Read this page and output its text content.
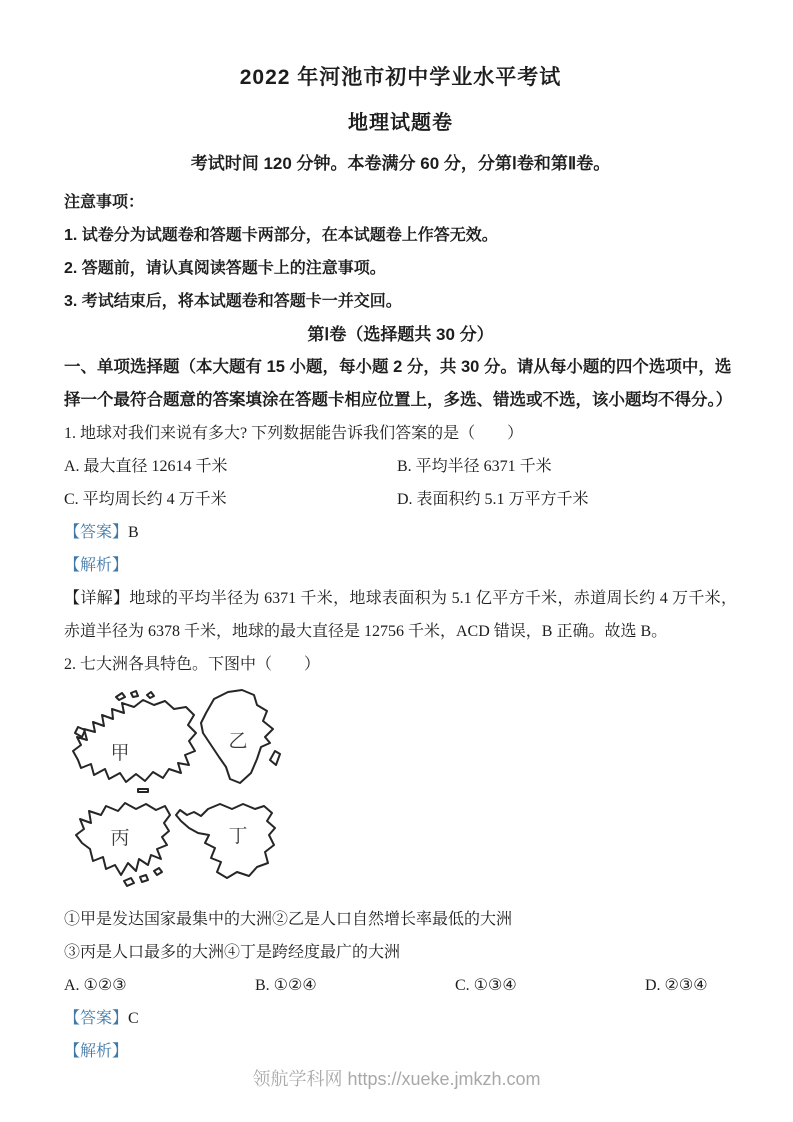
2022 年河池市初中学业水平考试
地理试题卷
考试时间 120 分钟。本卷满分 60 分，分第Ⅰ卷和第Ⅱ卷。
注意事项：
1. 试卷分为试题卷和答题卡两部分，在本试题卷上作答无效。
2. 答题前，请认真阅读答题卡上的注意事项。
3. 考试结束后，将本试题卷和答题卡一并交回。
第Ⅰ卷（选择题共 30 分）
一、单项选择题（本大题有 15 小题，每小题 2 分，共 30 分。请从每小题的四个选项中，选
择一个最符合题意的答案填涂在答题卡相应位置上，多选、错选或不选，该小题均不得分。）
1. 地球对我们来说有多大? 下列数据能告诉我们答案的是（　　）
A. 最大直径 12614 千米	B. 平均半径 6371 千米
C. 平均周长约 4 万千米	D. 表面积约 5.1 万平方千米
【答案】B
【解析】
【详解】地球的平均半径为 6371 千米，地球表面积为 5.1 亿平方千米，赤道周长约 4 万千米，赤道半径为 6378 千米，地球的最大直径是 12756 千米，ACD 错误，B 正确。故选 B。
2. 七大洲各具特色。下图中（　　）
甲
乙
丙	丁
①甲是发达国家最集中的大洲②乙是人口自然增长率最低的大洲
③丙是人口最多的大洲④丁是跨经度最广的大洲
A. ①②③	B. ①②④	C. ①③④	D. ②③④
【答案】C
【解析】
领航学科网 https://xueke.jmkzh.com
